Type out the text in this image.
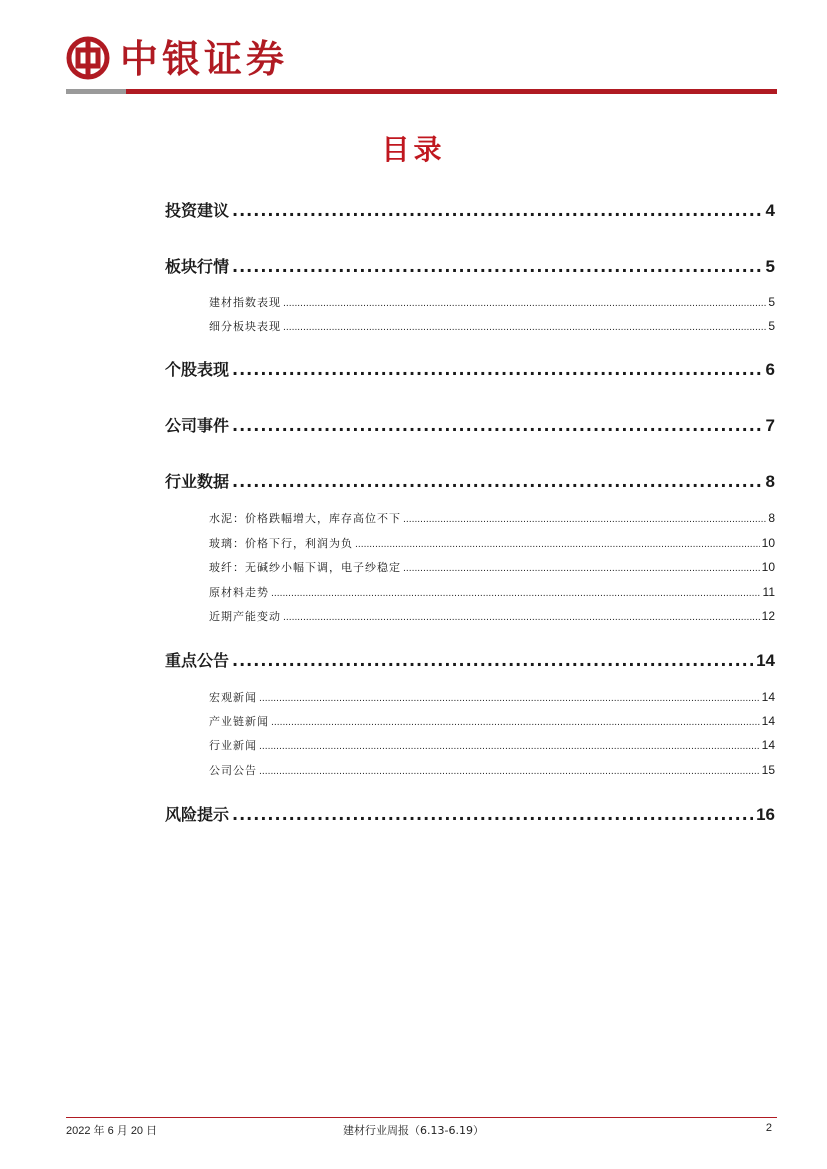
中银证券
目录
投资建议 .....	4
板块行情 .....	5
建材指数表现 .....	5
细分板块表现 .....	5
个股表现 .....	6
公司事件 .....	7
行业数据 .....	8
水泥：价格跌幅增大，库存高位不下 .....	8
玻璃：价格下行，利润为负 .....	10
玻纤：无碱纱小幅下调，电子纱稳定 .....	10
原材料走势 .....	11
近期产能变动 .....	12
重点公告 .....	14
宏观新闻 .....	14
产业链新闻 .....	14
行业新闻 .....	14
公司公告 .....	15
风险提示 .....	16
2022 年 6 月 20 日	建材行业周报（6.13-6.19）	2
